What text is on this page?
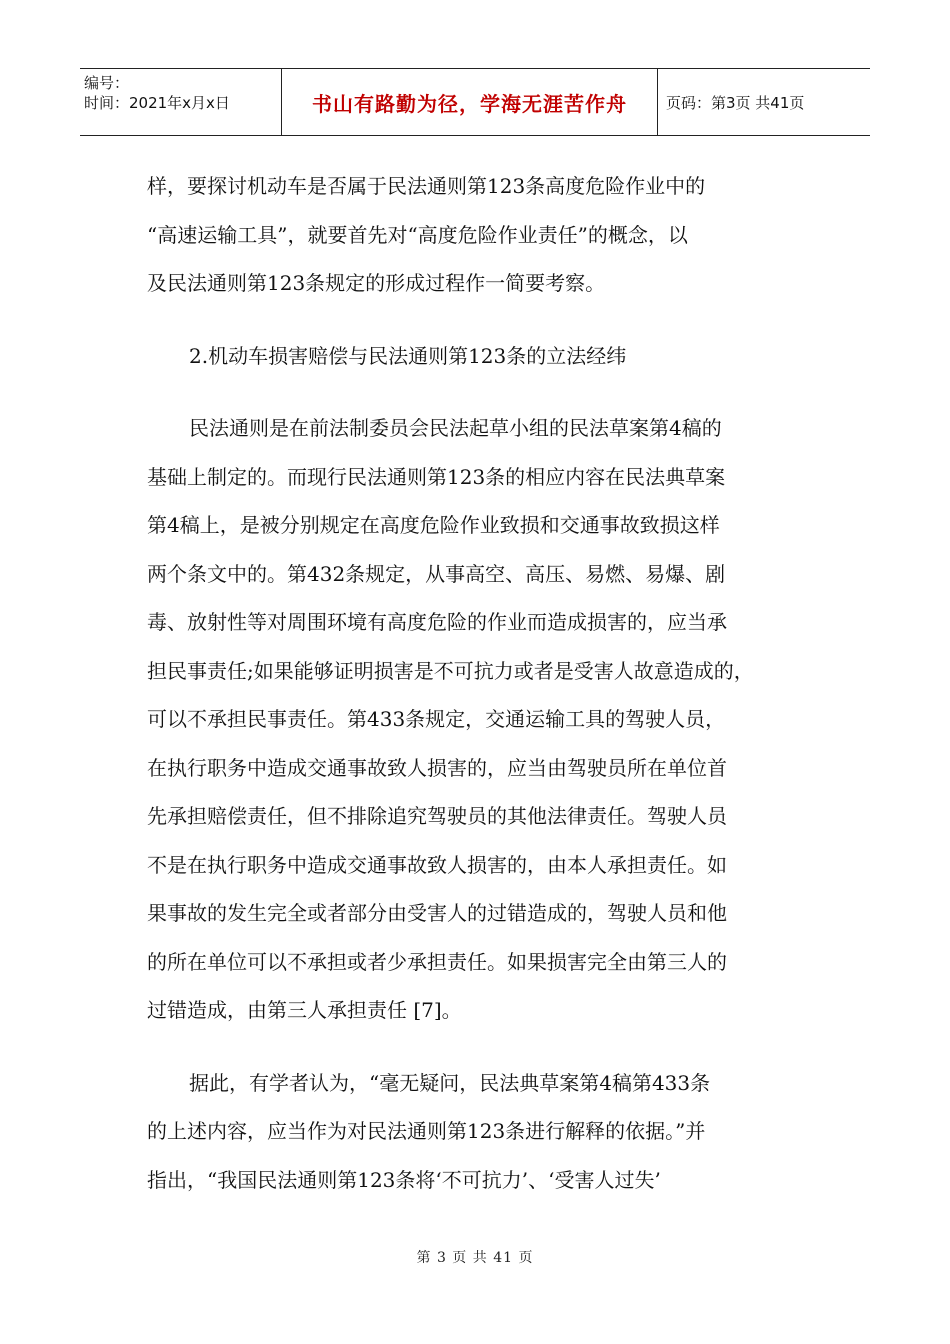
编号：
时间：2021年x月x日	书山有路勤为径，学海无涯苦作舟	页码：第3页 共41页
样，要探讨机动车是否属于民法通则第123条高度危险作业中的
“高速运输工具”，就要首先对“高度危险作业责任”的概念，以
及民法通则第123条规定的形成过程作一简要考察。
2.机动车损害赔偿与民法通则第123条的立法经纬
民法通则是在前法制委员会民法起草小组的民法草案第4稿的
基础上制定的。而现行民法通则第123条的相应内容在民法典草案
第4稿上，是被分别规定在高度危险作业致损和交通事故致损这样
两个条文中的。第432条规定，从事高空、高压、易燃、易爆、剧
毒、放射性等对周围环境有高度危险的作业而造成损害的，应当承
担民事责任;如果能够证明损害是不可抗力或者是受害人故意造成的，
可以不承担民事责任。第433条规定，交通运输工具的驾驶人员，
在执行职务中造成交通事故致人损害的，应当由驾驶员所在单位首
先承担赔偿责任，但不排除追究驾驶员的其他法律责任。驾驶人员
不是在执行职务中造成交通事故致人损害的，由本人承担责任。如
果事故的发生完全或者部分由受害人的过错造成的，驾驶人员和他
的所在单位可以不承担或者少承担责任。如果损害完全由第三人的
过错造成，由第三人承担责任 [7]。
据此，有学者认为，“毫无疑问，民法典草案第4稿第433条
的上述内容，应当作为对民法通则第123条进行解释的依据。”并
指出，“我国民法通则第123条将‘不可抗力’、‘受害人过失’
第 3 页 共 41 页
